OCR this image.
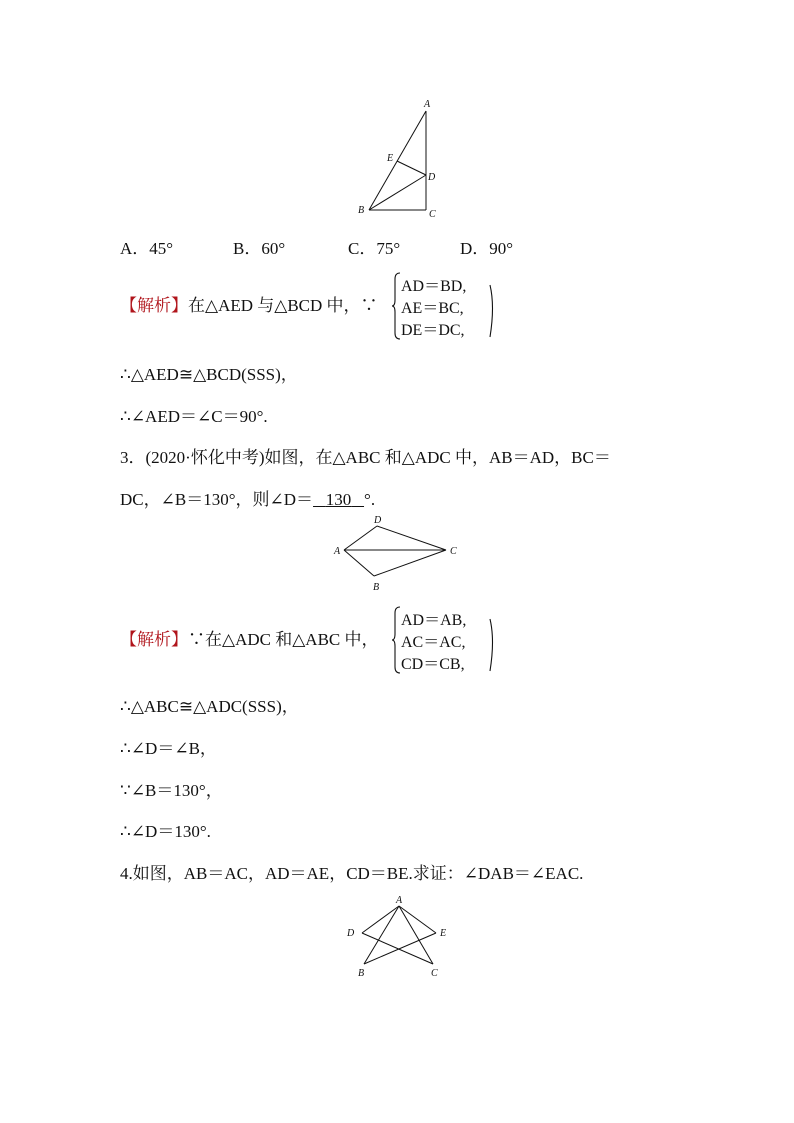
A
E
D
B	C
A．45°	B．60°	C．75°	D．90°
【解析】在△AED 与△BCD 中，∵
AD＝BD,
AE＝BC,
DE＝DC,
∴△AED≅△BCD(SSS)，
∴∠AED＝∠C＝90°.
3．(2020·怀化中考)如图，在△ABC 和△ADC 中，AB＝AD，BC＝
DC，∠B＝130°，则∠D＝ 130 °.
D
A	C
B
【解析】∵在△ADC 和△ABC 中，
AD＝AB,
AC＝AC,
CD＝CB,
∴△ABC≅△ADC(SSS)，
∴∠D＝∠B，
∵∠B＝130°，
∴∠D＝130°.
4.如图，AB＝AC，AD＝AE，CD＝BE.求证：∠DAB＝∠EAC.
A
D	E
B	C
